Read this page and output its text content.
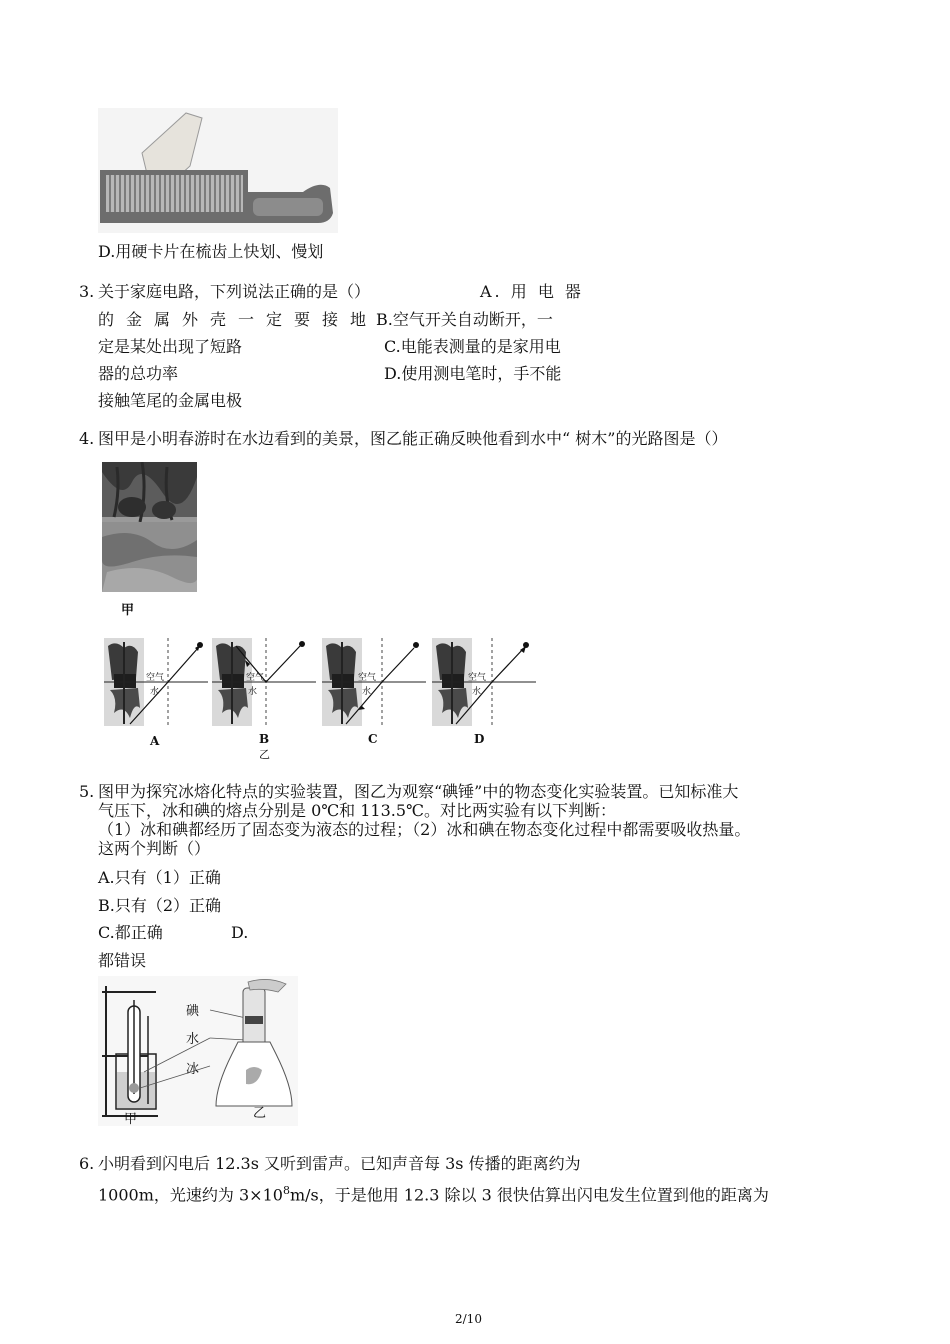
D.用硬卡片在梳齿上快划、慢划
3. 关于家庭电路，下列说法正确的是（）	A. 用 电 器
的金属外壳一定要接地
B.空气开关自动断开，一
定是某处出现了短路	C.电能表测量的是家用电
器的总功率	D.使用测电笔时，手不能
接触笔尾的金属电极
4. 图甲是小明春游时在水边看到的美景，图乙能正确反映他看到水中“ 树木”的光路图是（）
甲
空气
水
空气
水
空气
水
空气
水
A	B	C	D
乙
5. 图甲为探究冰熔化特点的实验装置，图乙为观察“碘锤”中的物态变化实验装置。已知标准大
气压下，冰和碘的熔点分别是 0℃和 113.5℃。对比两实验有以下判断：
（1）冰和碘都经历了固态变为液态的过程；（2）冰和碘在物态变化过程中都需要吸收热量。
这两个判断（）
A.只有（1）正确
B.只有（2）正确
C.都正确	D.
都错误
碘
水
冰
甲	乙
6. 小明看到闪电后 12.3s 又听到雷声。已知声音每 3s 传播的距离约为
1000m，光速约为 $3\times 10^8m/s$，于是他用 12.3 除以 3 很快估算出闪电发生位置到他的距离为
2/10
